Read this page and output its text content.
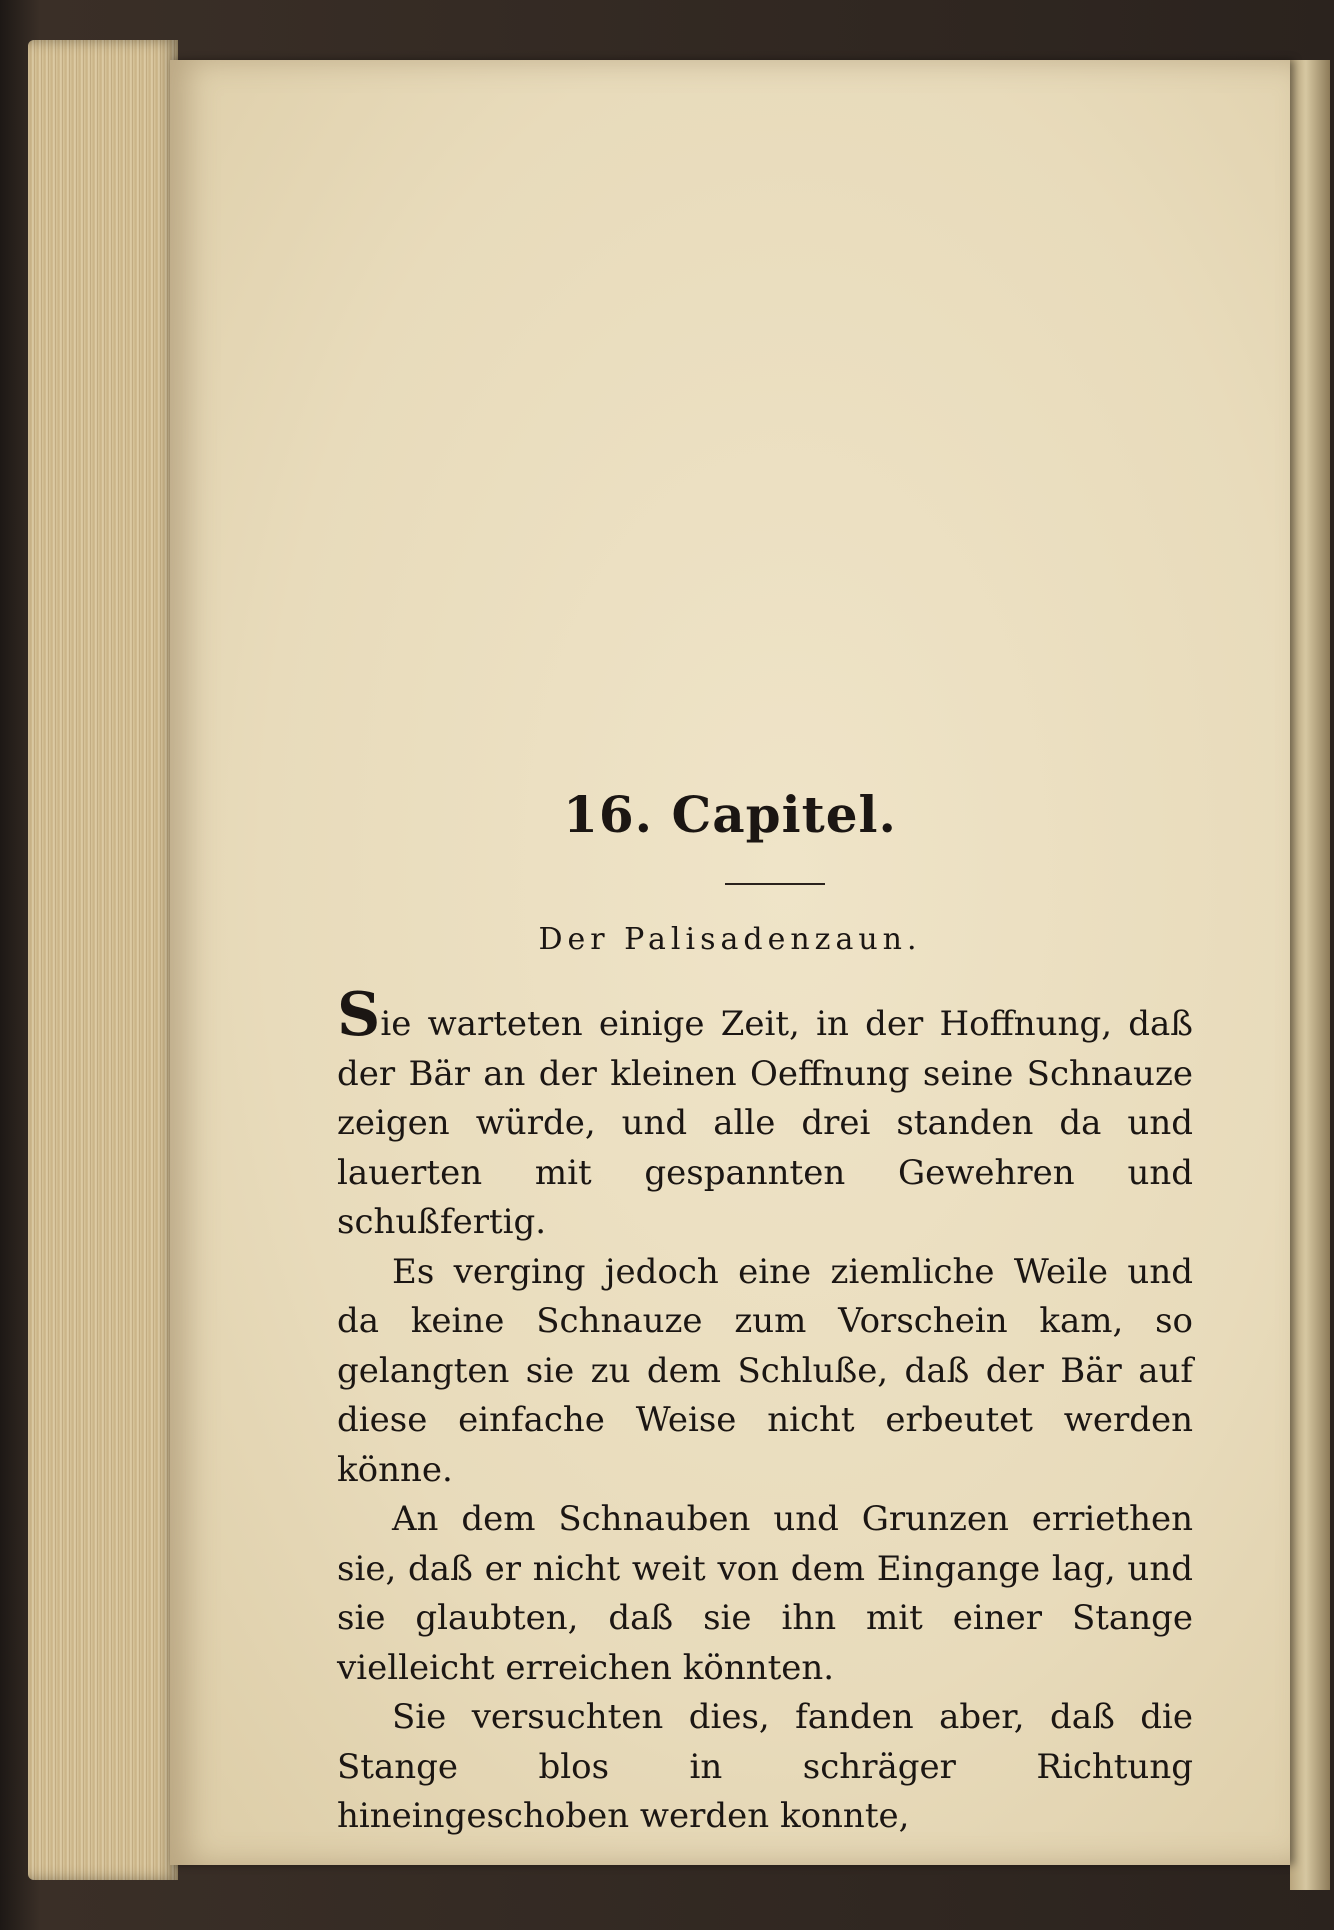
16. Capitel.
Der Palisadenzaun.

Sie warteten einige Zeit, in der Hoffnung, daß der Bär an der kleinen Oeffnung seine Schnauze zeigen würde, und alle drei standen da und lauerten mit gespannten Gewehren und schußfertig.

Es verging jedoch eine ziemliche Weile und da keine Schnauze zum Vorschein kam, so gelangten sie zu dem Schluße, daß der Bär auf diese einfache Weise nicht erbeutet werden könne.

An dem Schnauben und Grunzen erriethen sie, daß er nicht weit von dem Eingange lag, und sie glaubten, daß sie ihn mit einer Stange vielleicht erreichen könnten.

Sie versuchten dies, fanden aber, daß die Stange blos in schräger Richtung hineingeschoben werden konnte,
